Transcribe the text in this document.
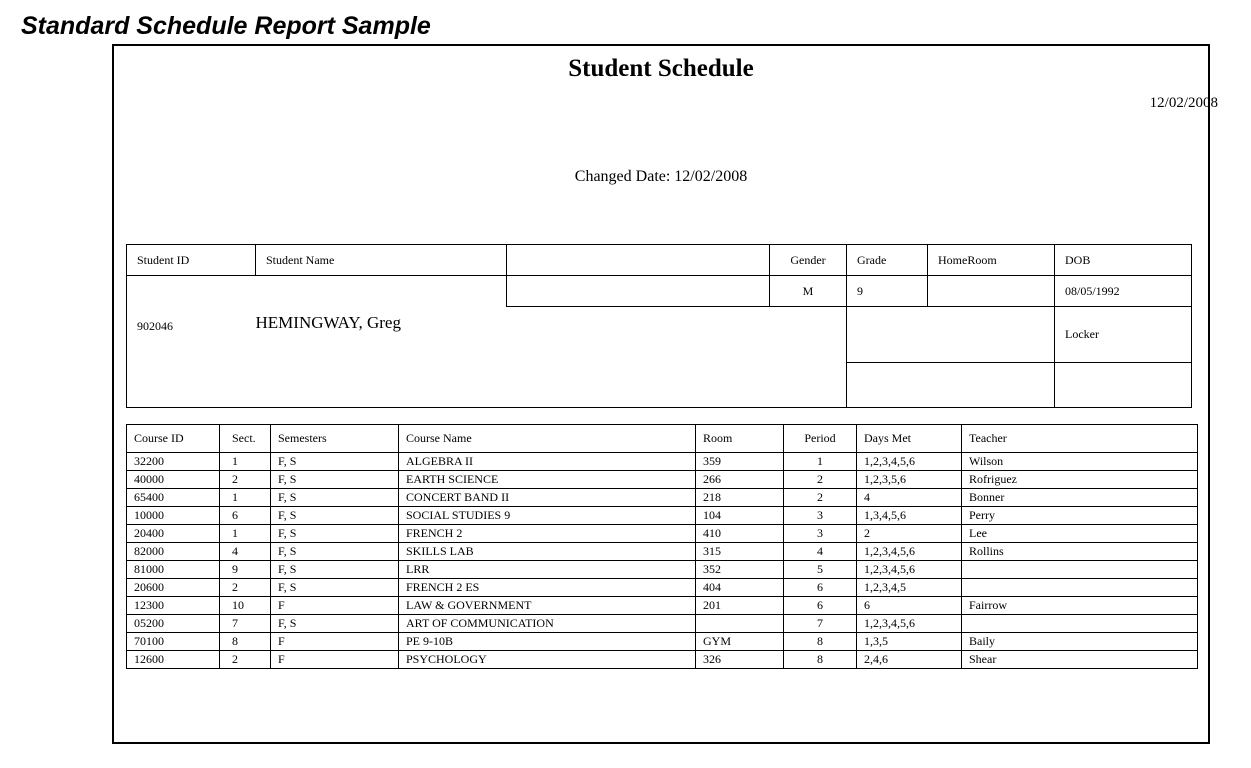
Standard Schedule Report Sample
Student Schedule
12/02/2008
Changed Date: 12/02/2008
Student ID	Student Name		Gender	Grade	HomeRoom	DOB
			M	9		08/05/1992
902046	HEMINGWAY, Greg					Locker

Course ID	Sect.	Semesters	Course Name	Room	Period	Days Met	Teacher
32200	1	F, S	ALGEBRA II	359	1	1,2,3,4,5,6	Wilson
40000	2	F, S	EARTH SCIENCE	266	2	1,2,3,5,6	Rofriguez
65400	1	F, S	CONCERT BAND II	218	2	4	Bonner
10000	6	F, S	SOCIAL STUDIES 9	104	3	1,3,4,5,6	Perry
20400	1	F, S	FRENCH 2	410	3	2	Lee
82000	4	F, S	SKILLS LAB	315	4	1,2,3,4,5,6	Rollins
81000	9	F, S	LRR	352	5	1,2,3,4,5,6	
20600	2	F, S	FRENCH 2 ES	404	6	1,2,3,4,5	
12300	10	F	LAW & GOVERNMENT	201	6	6	Fairrow
05200	7	F, S	ART OF COMMUNICATION		7	1,2,3,4,5,6	
70100	8	F	PE 9-10B	GYM	8	1,3,5	Baily
12600	2	F	PSYCHOLOGY	326	8	2,4,6	Shear
